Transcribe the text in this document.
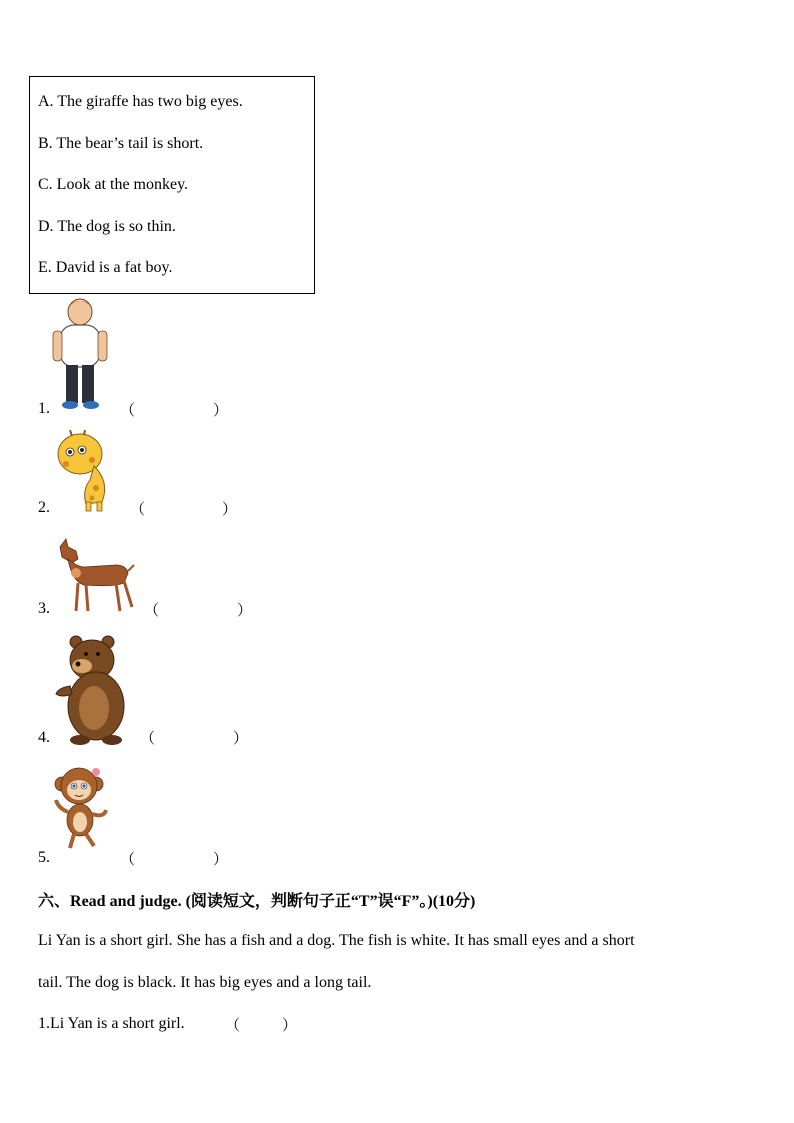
A. The giraffe has two big eyes.
B. The bear’s tail is short.
C. Look at the monkey.
D. The dog is so thin.
E. David is a fat boy.
1.	（	）
2.	（	）
3.	（	）
4.	（	）
5.	（	）
六、Read and judge. (阅读短文，判断句子正“T”误“F”。)(10分)
Li Yan is a short girl. She has a fish and a dog. The fish is white. It has small eyes and a short
tail. The dog is black. It has big eyes and a long tail.
1.Li Yan is a short girl.	（	）
